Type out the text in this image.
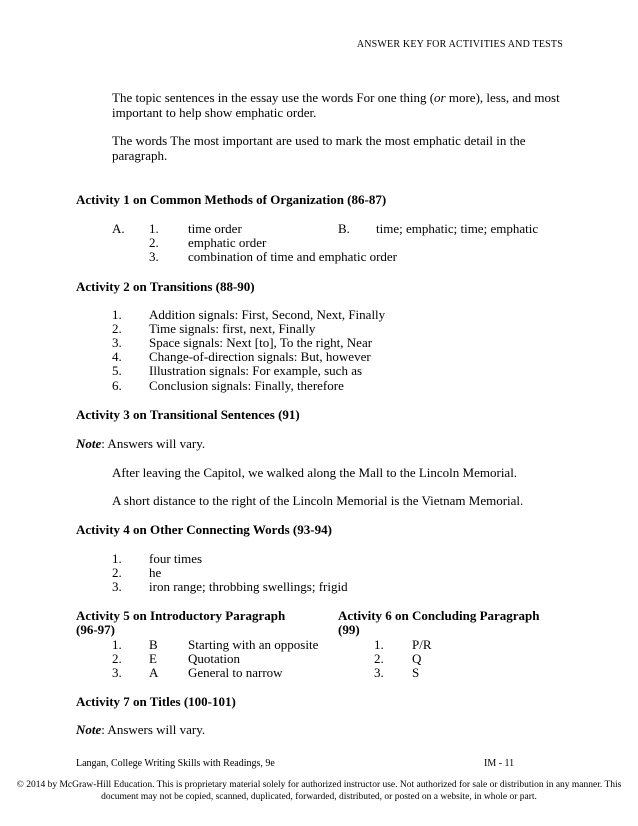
ANSWER KEY FOR ACTIVITIES AND TESTS
The topic sentences in the essay use the words For one thing (or more), less, and most important to help show emphatic order.
The words The most important are used to mark the most emphatic detail in the paragraph.
Activity 1 on Common Methods of Organization (86-87)
A. 1. time order	B. time; emphatic; time; emphatic
2. emphatic order
3. combination of time and emphatic order
Activity 2 on Transitions (88-90)
1. Addition signals: First, Second, Next, Finally
2. Time signals: first, next, Finally
3. Space signals: Next [to], To the right, Near
4. Change-of-direction signals: But, however
5. Illustration signals: For example, such as
6. Conclusion signals: Finally, therefore
Activity 3 on Transitional Sentences (91)
Note: Answers will vary.
After leaving the Capitol, we walked along the Mall to the Lincoln Memorial.
A short distance to the right of the Lincoln Memorial is the Vietnam Memorial.
Activity 4 on Other Connecting Words (93-94)
1. four times
2. he
3. iron range; throbbing swellings; frigid
Activity 5 on Introductory Paragraph
(96-97)
1. B Starting with an opposite
2. E Quotation
3. A General to narrow
Activity 6 on Concluding Paragraph
(99)
1. P/R
2. Q
3. S
Activity 7 on Titles (100-101)
Note: Answers will vary.
Langan, College Writing Skills with Readings, 9e	IM - 11
© 2014 by McGraw-Hill Education. This is proprietary material solely for authorized instructor use. Not authorized for sale or distribution in any manner. This document may not be copied, scanned, duplicated, forwarded, distributed, or posted on a website, in whole or part.
